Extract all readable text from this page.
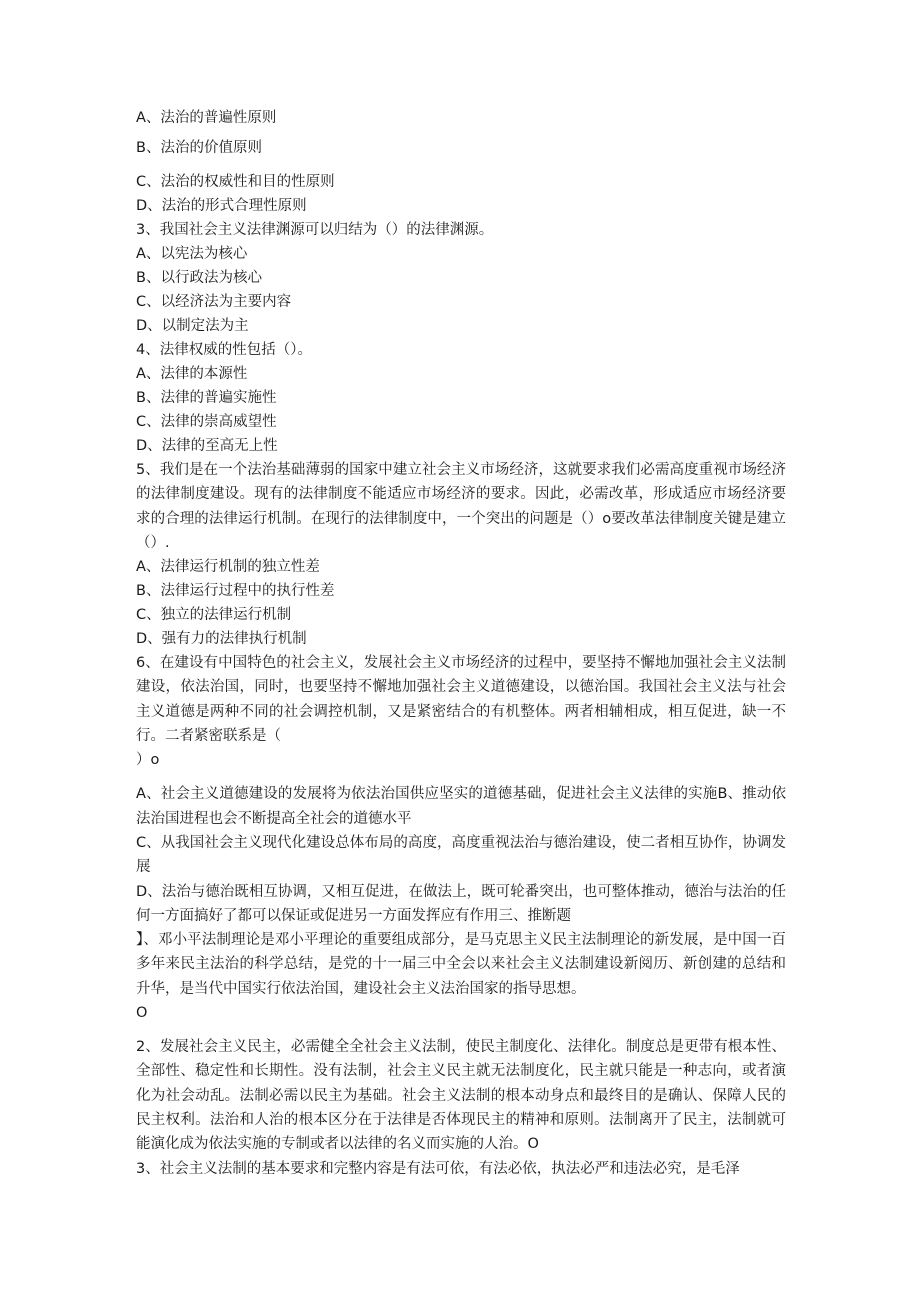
A、法治的普遍性原则
B、法治的价值原则
C、法治的权威性和目的性原则
D、法治的形式合理性原则
3、我国社会主义法律渊源可以归结为（）的法律渊源。
A、以宪法为核心
B、以行政法为核心
C、以经济法为主要内容
D、以制定法为主
4、法律权威的性包括（）。
A、法律的本源性
B、法律的普遍实施性
C、法律的崇高威望性
D、法律的至高无上性
5、我们是在一个法治基础薄弱的国家中建立社会主义市场经济，这就要求我们必需高度重视市场经济的法律制度建设。现有的法律制度不能适应市场经济的要求。因此，必需改革，形成适应市场经济要求的合理的法律运行机制。在现行的法律制度中，一个突出的问题是（）o要改革法律制度关键是建立（）.
A、法律运行机制的独立性差
B、法律运行过程中的执行性差
C、独立的法律运行机制
D、强有力的法律执行机制
6、在建设有中国特色的社会主义，发展社会主义市场经济的过程中，要坚持不懈地加强社会主义法制建设，依法治国，同时，也要坚持不懈地加强社会主义道德建设，以德治国。我国社会主义法与社会主义道德是两种不同的社会调控机制，又是紧密结合的有机整体。两者相辅相成，相互促进，缺一不行。二者紧密联系是（
）o
A、社会主义道德建设的发展将为依法治国供应坚实的道德基础，促进社会主义法律的实施B、推动依法治国进程也会不断提高全社会的道德水平
C、从我国社会主义现代化建设总体布局的高度，高度重视法治与德治建设，使二者相互协作，协调发展
D、法治与德治既相互协调，又相互促进，在做法上，既可轮番突出，也可整体推动，德治与法治的任何一方面搞好了都可以保证或促进另一方面发挥应有作用三、推断题
】、邓小平法制理论是邓小平理论的重要组成部分，是马克思主义民主法制理论的新发展，是中国一百多年来民主法治的科学总结，是党的十一届三中全会以来社会主义法制建设新阅历、新创建的总结和升华，是当代中国实行依法治国，建设社会主义法治国家的指导思想。
O
2、发展社会主义民主，必需健全全社会主义法制，使民主制度化、法律化。制度总是更带有根本性、全部性、稳定性和长期性。没有法制，社会主义民主就无法制度化，民主就只能是一种志向，或者演化为社会动乱。法制必需以民主为基础。社会主义法制的根本动身点和最终目的是确认、保障人民的民主权利。法治和人治的根本区分在于法律是否体现民主的精神和原则。法制离开了民主，法制就可能演化成为依法实施的专制或者以法律的名义而实施的人治。O
3、社会主义法制的基本要求和完整内容是有法可依，有法必依，执法必严和违法必究，是毛泽
